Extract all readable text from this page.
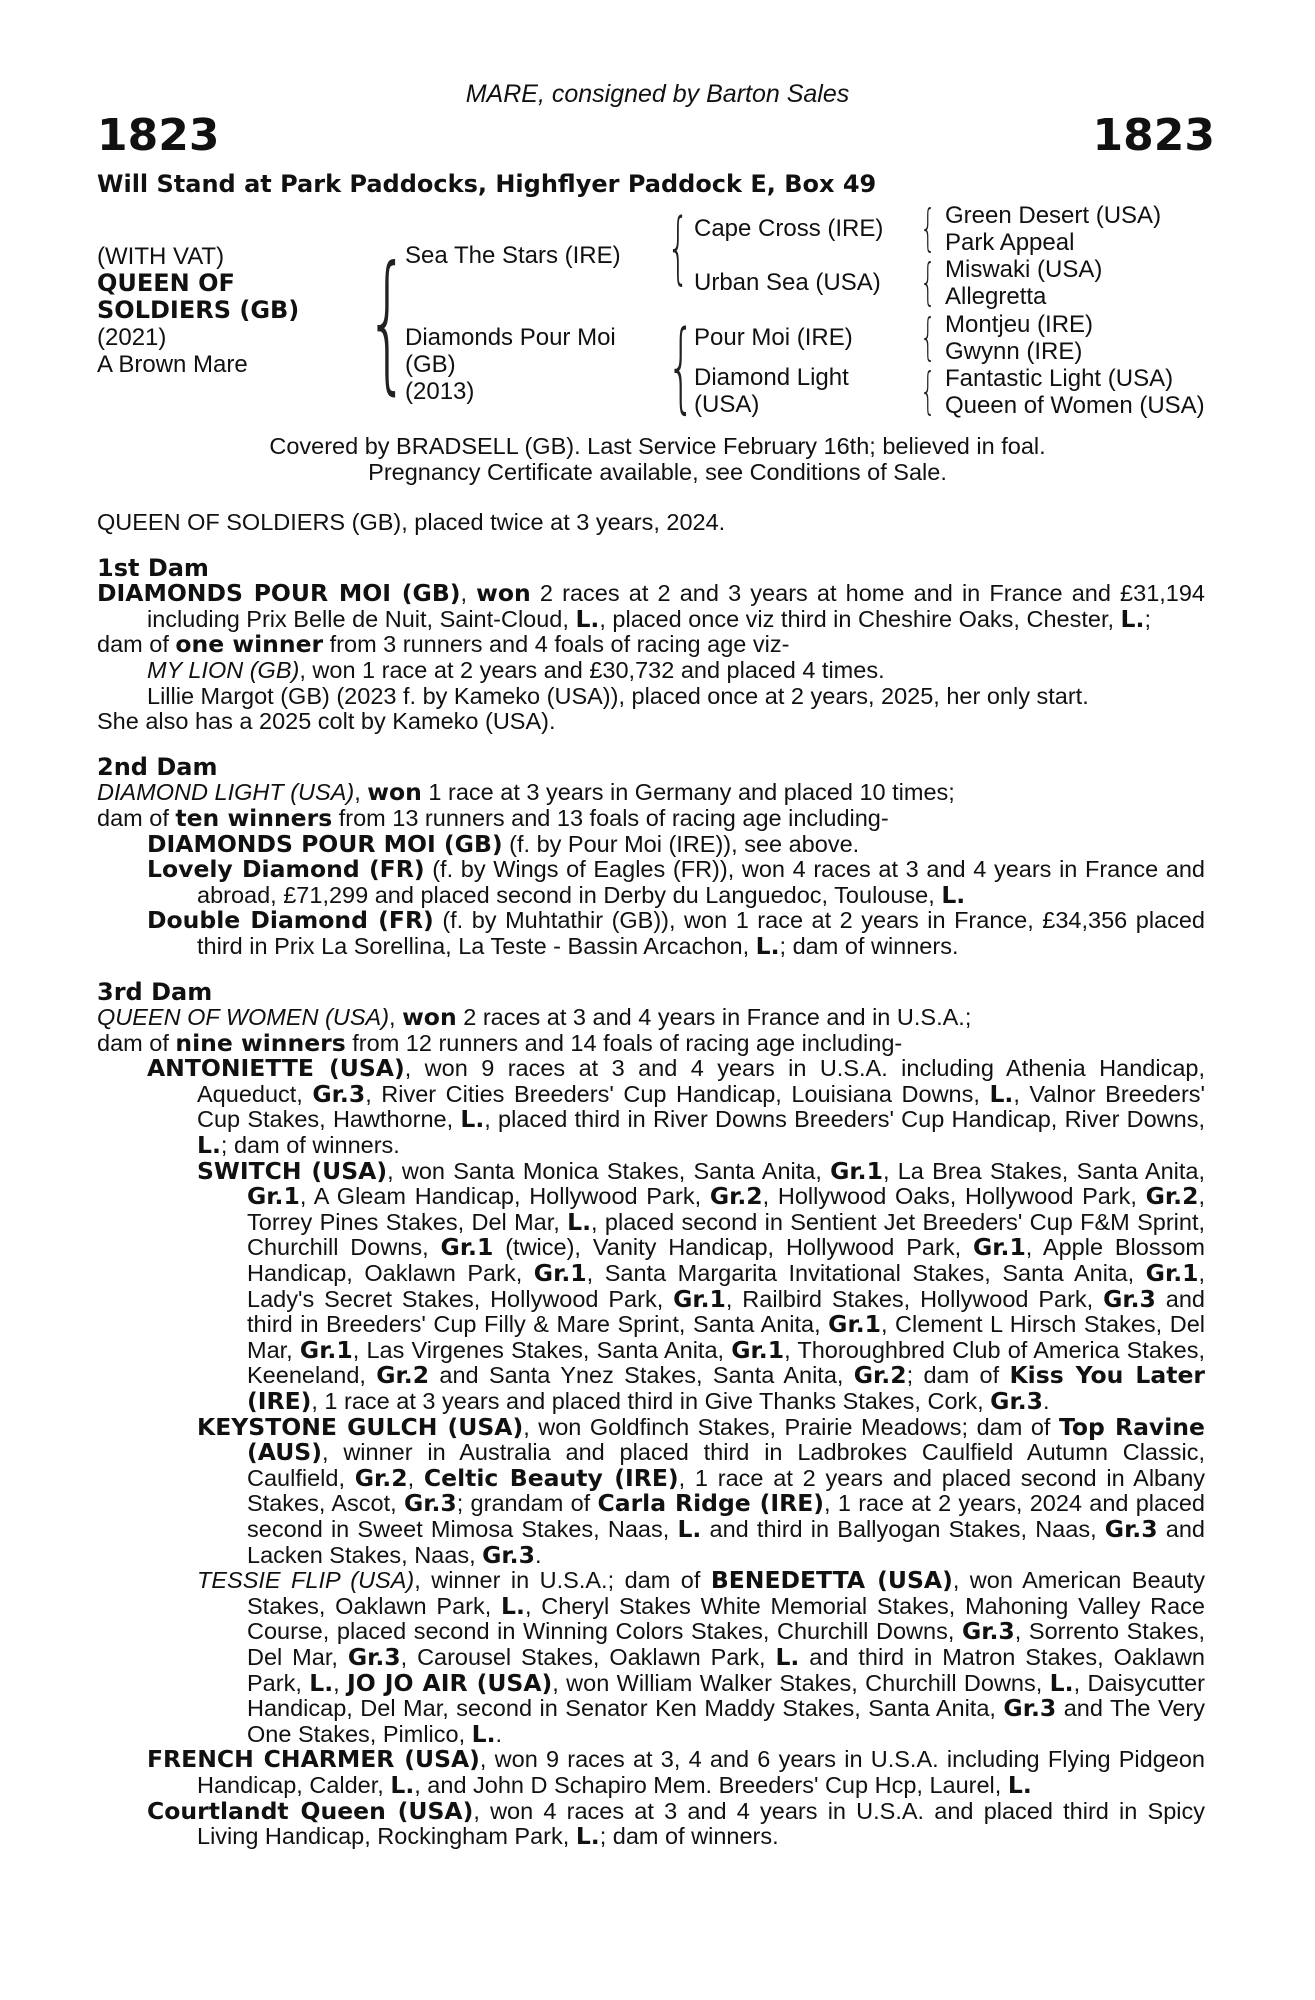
MARE, consigned by Barton Sales
1823	1823
Will Stand at Park Paddocks, Highflyer Paddock E, Box 49
(WITH VAT)
QUEEN OF
SOLDIERS (GB)
(2021)
A Brown Mare {
Sea The Stars (IRE)
Diamonds Pour Moi
(GB)
(2013)
{
{
Cape Cross (IRE)
Urban Sea (USA)
Pour Moi (IRE)
Diamond Light
(USA)
{
{
{
{
Green Desert (USA)
Park Appeal
Miswaki (USA)
Allegretta
Montjeu (IRE)
Gwynn (IRE)
Fantastic Light (USA)
Queen of Women (USA)
Covered by BRADSELL (GB). Last Service February 16th; believed in foal.
Pregnancy Certificate available, see Conditions of Sale.
QUEEN OF SOLDIERS (GB), placed twice at 3 years, 2024.
1st Dam
DIAMONDS POUR MOI (GB), won 2 races at 2 and 3 years at home and in France and £31,194 including Prix Belle de Nuit, Saint-Cloud, L., placed once viz third in Cheshire Oaks, Chester, L.;
dam of one winner from 3 runners and 4 foals of racing age viz-
MY LION (GB), won 1 race at 2 years and £30,732 and placed 4 times.
Lillie Margot (GB) (2023 f. by Kameko (USA)), placed once at 2 years, 2025, her only start.
She also has a 2025 colt by Kameko (USA).
2nd Dam
DIAMOND LIGHT (USA), won 1 race at 3 years in Germany and placed 10 times;
dam of ten winners from 13 runners and 13 foals of racing age including-
DIAMONDS POUR MOI (GB) (f. by Pour Moi (IRE)), see above.
Lovely Diamond (FR) (f. by Wings of Eagles (FR)), won 4 races at 3 and 4 years in France and abroad, £71,299 and placed second in Derby du Languedoc, Toulouse, L.
Double Diamond (FR) (f. by Muhtathir (GB)), won 1 race at 2 years in France, £34,356 placed third in Prix La Sorellina, La Teste - Bassin Arcachon, L.; dam of winners.
3rd Dam
QUEEN OF WOMEN (USA), won 2 races at 3 and 4 years in France and in U.S.A.;
dam of nine winners from 12 runners and 14 foals of racing age including-
ANTONIETTE (USA), won 9 races at 3 and 4 years in U.S.A. including Athenia Handicap, Aqueduct, Gr.3, River Cities Breeders' Cup Handicap, Louisiana Downs, L., Valnor Breeders' Cup Stakes, Hawthorne, L., placed third in River Downs Breeders' Cup Handicap, River Downs, L.; dam of winners.
SWITCH (USA), won Santa Monica Stakes, Santa Anita, Gr.1, La Brea Stakes, Santa Anita, Gr.1, A Gleam Handicap, Hollywood Park, Gr.2, Hollywood Oaks, Hollywood Park, Gr.2, Torrey Pines Stakes, Del Mar, L., placed second in Sentient Jet Breeders' Cup F&M Sprint, Churchill Downs, Gr.1 (twice), Vanity Handicap, Hollywood Park, Gr.1, Apple Blossom Handicap, Oaklawn Park, Gr.1, Santa Margarita Invitational Stakes, Santa Anita, Gr.1, Lady's Secret Stakes, Hollywood Park, Gr.1, Railbird Stakes, Hollywood Park, Gr.3 and third in Breeders' Cup Filly & Mare Sprint, Santa Anita, Gr.1, Clement L Hirsch Stakes, Del Mar, Gr.1, Las Virgenes Stakes, Santa Anita, Gr.1, Thoroughbred Club of America Stakes, Keeneland, Gr.2 and Santa Ynez Stakes, Santa Anita, Gr.2; dam of Kiss You Later (IRE), 1 race at 3 years and placed third in Give Thanks Stakes, Cork, Gr.3.
KEYSTONE GULCH (USA), won Goldfinch Stakes, Prairie Meadows; dam of Top Ravine (AUS), winner in Australia and placed third in Ladbrokes Caulfield Autumn Classic, Caulfield, Gr.2, Celtic Beauty (IRE), 1 race at 2 years and placed second in Albany Stakes, Ascot, Gr.3; grandam of Carla Ridge (IRE), 1 race at 2 years, 2024 and placed second in Sweet Mimosa Stakes, Naas, L. and third in Ballyogan Stakes, Naas, Gr.3 and Lacken Stakes, Naas, Gr.3.
TESSIE FLIP (USA), winner in U.S.A.; dam of BENEDETTA (USA), won American Beauty Stakes, Oaklawn Park, L., Cheryl Stakes White Memorial Stakes, Mahoning Valley Race Course, placed second in Winning Colors Stakes, Churchill Downs, Gr.3, Sorrento Stakes, Del Mar, Gr.3, Carousel Stakes, Oaklawn Park, L. and third in Matron Stakes, Oaklawn Park, L., JO JO AIR (USA), won William Walker Stakes, Churchill Downs, L., Daisycutter Handicap, Del Mar, second in Senator Ken Maddy Stakes, Santa Anita, Gr.3 and The Very One Stakes, Pimlico, L..
FRENCH CHARMER (USA), won 9 races at 3, 4 and 6 years in U.S.A. including Flying Pidgeon Handicap, Calder, L., and John D Schapiro Mem. Breeders' Cup Hcp, Laurel, L.
Courtlandt Queen (USA), won 4 races at 3 and 4 years in U.S.A. and placed third in Spicy Living Handicap, Rockingham Park, L.; dam of winners.
